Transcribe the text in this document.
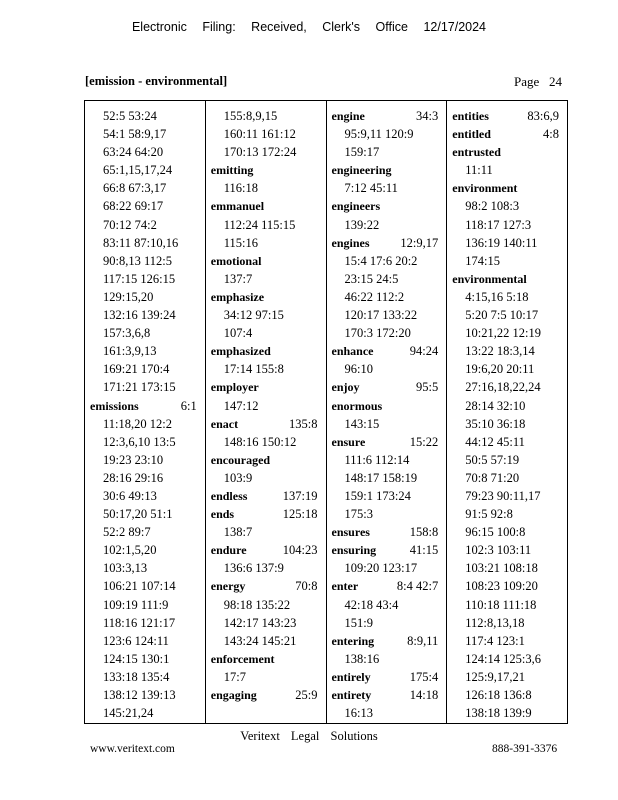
Electronic Filing: Received, Clerk's Office 12/17/2024
[emission - environmental]	Page 24
52:5 53:24
54:1 58:9,17
63:24 64:20
65:1,15,17,24
66:8 67:3,17
68:22 69:17
70:12 74:2
83:11 87:10,16
90:8,13 112:5
117:15 126:15
129:15,20
132:16 139:24
157:3,6,8
161:3,9,13
169:21 170:4
171:21 173:15
emissions	6:1
11:18,20 12:2
12:3,6,10 13:5
19:23 23:10
28:16 29:16
30:6 49:13
50:17,20 51:1
52:2 89:7
102:1,5,20
103:3,13
106:21 107:14
109:19 111:9
118:16 121:17
123:6 124:11
124:15 130:1
133:18 135:4
138:12 139:13
145:21,24
155:8,9,15
160:11 161:12
170:13 172:24
emitting
116:18
emmanuel
112:24 115:15
115:16
emotional
137:7
emphasize
34:12 97:15
107:4
emphasized
17:14 155:8
employer
147:12
enact	135:8
148:16 150:12
encouraged
103:9
endless	137:19
ends	125:18
138:7
endure	104:23
136:6 137:9
energy	70:8
98:18 135:22
142:17 143:23
143:24 145:21
enforcement
17:7
engaging	25:9
engine	34:3
95:9,11 120:9
159:17
engineering
7:12 45:11
engineers
139:22
engines 12:9,17
15:4 17:6 20:2
23:15 24:5
46:22 112:2
120:17 133:22
170:3 172:20
enhance	94:24
96:10
enjoy	95:5
enormous
143:15
ensure	15:22
111:6 112:14
148:17 158:19
159:1 173:24
175:3
ensures	158:8
ensuring	41:15
109:20 123:17
enter	8:4 42:7
42:18 43:4
151:9
entering	8:9,11
138:16
entirely	175:4
entirety	14:18
16:13
entities	83:6,9
entitled	4:8
entrusted
11:11
environment
98:2 108:3
118:17 127:3
136:19 140:11
174:15
environmental
4:15,16 5:18
5:20 7:5 10:17
10:21,22 12:19
13:22 18:3,14
19:6,20 20:11
27:16,18,22,24
28:14 32:10
35:10 36:18
44:12 45:11
50:5 57:19
70:8 71:20
79:23 90:11,17
91:5 92:8
96:15 100:8
102:3 103:11
103:21 108:18
108:23 109:20
110:18 111:18
112:8,13,18
117:4 123:1
124:14 125:3,6
125:9,17,21
126:18 136:8
138:18 139:9
Veritext Legal Solutions
www.veritext.com	888-391-3376
